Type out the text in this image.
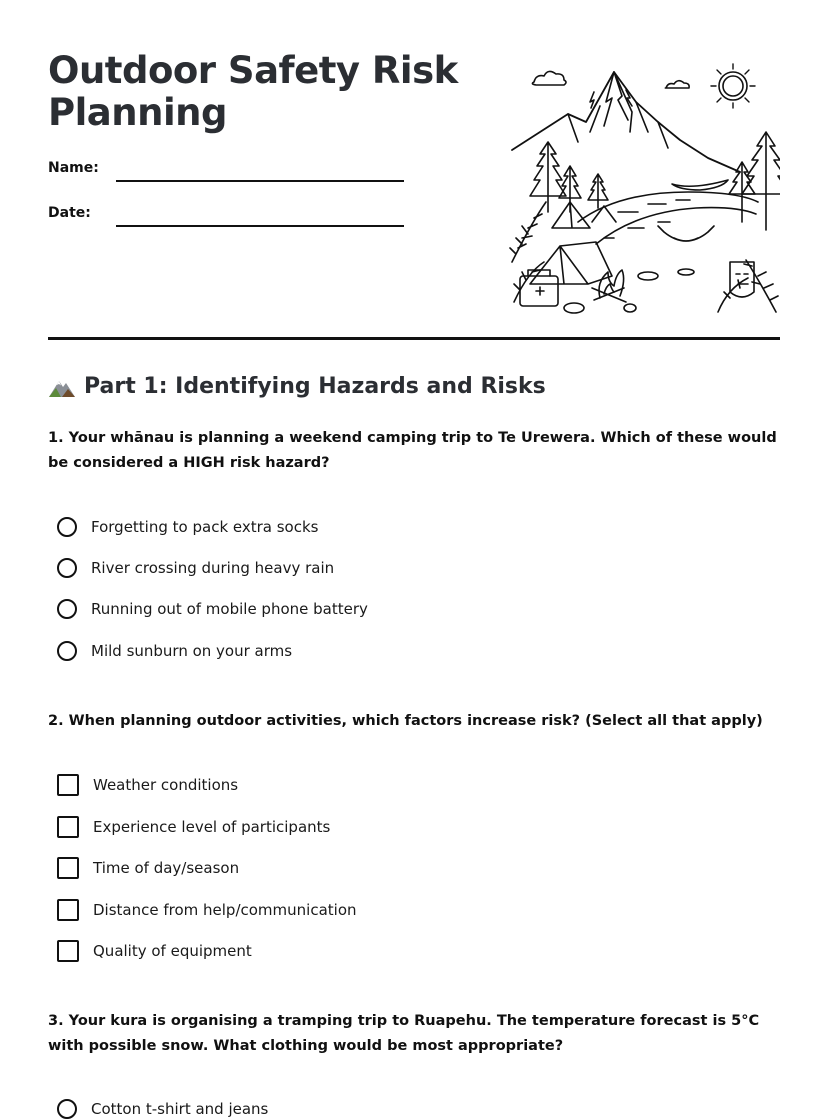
Outdoor Safety Risk Planning
Name:
Date:
Part 1: Identifying Hazards and Risks

1. Your whānau is planning a weekend camping trip to Te Urewera. Which of these would be considered a HIGH risk hazard?

Forgetting to pack extra socks
River crossing during heavy rain
Running out of mobile phone battery
Mild sunburn on your arms

2. When planning outdoor activities, which factors increase risk? (Select all that apply)

Weather conditions
Experience level of participants
Time of day/season
Distance from help/communication
Quality of equipment

3. Your kura is organising a tramping trip to Ruapehu. The temperature forecast is 5°C with possible snow. What clothing would be most appropriate?

Cotton t-shirt and jeans
